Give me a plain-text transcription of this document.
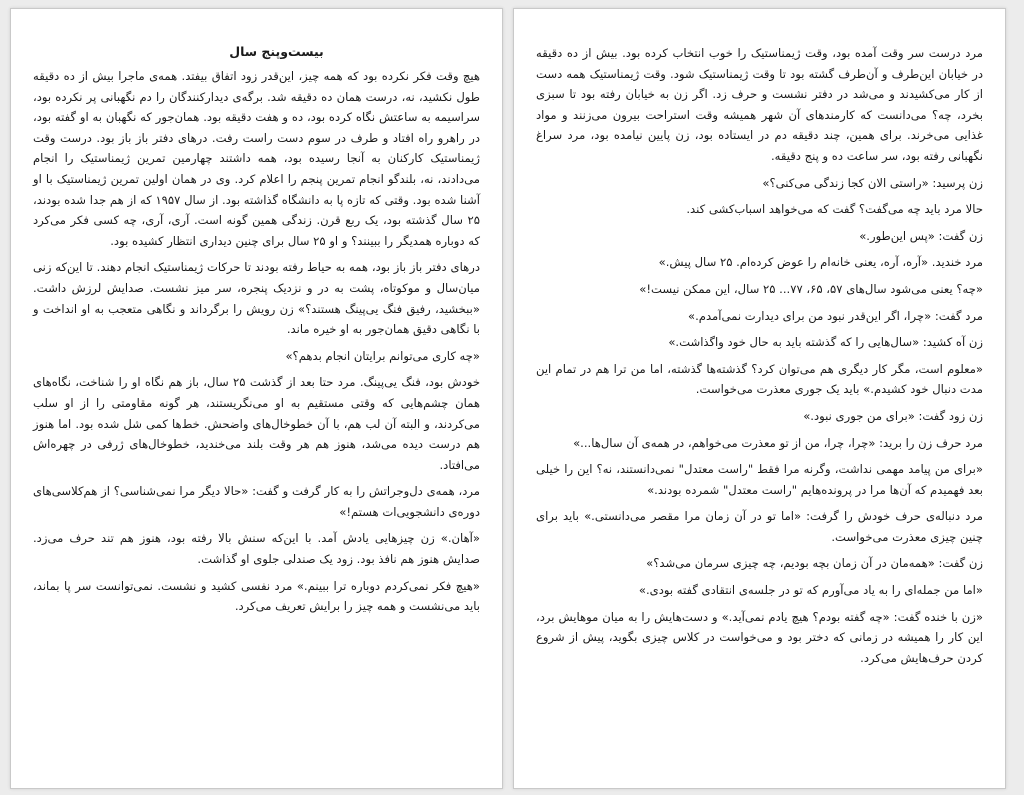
بیست‌وپنج سال

هیچ وقت فکر نکرده بود که همه چیز، این‌قدر زود اتفاق بیفتد. همه‌ی ماجرا بیش از ده دقیقه طول نکشید، نه، درست همان ده دقیقه شد. برگه‌ی دیدارکنندگان را دم نگهبانی پر نکرده بود، سراسیمه به ساعتش نگاه کرده بود، ده و هفت دقیقه بود. همان‌جور که نگهبان به او گفته بود، در راهرو راه افتاد و طرف در سوم دست راست رفت. درهای دفتر باز باز بود. درست وقت ژیمناستیک کارکنان به آنجا رسیده بود، همه داشتند چهارمین تمرین ژیمناستیک را انجام می‌دادند، نه، بلندگو انجام تمرین پنجم را اعلام کرد. وی در همان اولین تمرین ژیمناستیک با او آشنا شده بود. وقتی که تازه پا به دانشگاه گذاشته بود. از سال ۱۹۵۷ که از هم جدا شده بودند، ۲۵ سال گذشته بود، یک ربع قرن. زندگی همین گونه است. آری، آری، چه کسی فکر می‌کرد که دوباره همدیگر را ببینند؟ و او ۲۵ سال برای چنین دیداری انتظار کشیده بود.

درهای دفتر باز باز بود، همه به حیاط رفته بودند تا حرکات ژیمناستیک انجام دهند. تا این‌که زنی میان‌سال و موکوتاه، پشت به در و نزدیک پنجره، سر میز نشست. صدایش لرزش داشت. «ببخشید، رفیق فنگ یی‌پینگ هستند؟» زن رویش را برگرداند و نگاهی متعجب به او انداخت و با نگاهی دقیق همان‌جور به او خیره ماند.

«چه کاری می‌توانم برایتان انجام بدهم؟»

خودش بود، فنگ یی‌پینگ. مرد حتا بعد از گذشت ۲۵ سال، باز هم نگاه او را شناخت، نگاه‌های همان چشم‌هایی که وقتی مستقیم به او می‌نگریستند، هر گونه مقاومتی را از او سلب می‌کردند، و البته آن لب هم، با آن خطوخال‌های واضحش. خط‌ها کمی شل شده بود. اما هنوز هم درست دیده می‌شد، هنوز هم هر وقت بلند می‌خندید، خطوخال‌های ژرفی در چهره‌اش می‌افتاد.

مرد، همه‌ی دل‌وجراتش را به کار گرفت و گفت: «حالا دیگر مرا نمی‌شناسی؟ از هم‌کلاسی‌های دوره‌ی دانشجویی‌ات هستم!»

«آهان.» زن چیزهایی یادش آمد. با این‌که سنش بالا رفته بود، هنوز هم تند حرف می‌زد. صدایش هنوز هم نافذ بود. زود یک صندلی جلوی او گذاشت.

«هیچ فکر نمی‌کردم دوباره ترا ببینم.» مرد نفسی کشید و نشست. نمی‌توانست سر پا بماند، باید می‌نشست و همه چیز را برایش تعریف می‌کرد.

مرد درست سر وقت آمده بود، وقت ژیمناستیک را خوب انتخاب کرده بود. بیش از ده دقیقه در خیابان این‌طرف و آن‌طرف گشته بود تا وقت ژیمناستیک شود. وقت ژیمناستیک همه دست از کار می‌کشیدند و می‌شد در دفتر نشست و حرف زد. اگر زن به خیابان رفته بود تا سبزی بخرد، چه؟ می‌دانست که کارمندهای آن شهر همیشه وقت استراحت بیرون می‌زنند و مواد غذایی می‌خرند. برای همین، چند دقیقه دم در ایستاده بود، زن پایین نیامده بود، مرد سراغ نگهبانی رفته بود، سر ساعت ده و پنج دقیقه.

زن پرسید: «راستی الان کجا زندگی می‌کنی؟»

حالا مرد باید چه می‌گفت؟ گفت که می‌خواهد اسباب‌کشی کند.

زن گفت: «پس این‌طور.»

مرد خندید. «آره، آره، یعنی خانه‌ام را عوض کرده‌ام. ۲۵ سال پیش.»

«چه؟ یعنی می‌شود سال‌های ۵۷، ۶۵، ۷۷... ۲۵ سال، این ممکن نیست!»

مرد گفت: «چرا، اگر این‌قدر نبود من برای دیدارت نمی‌آمدم.»

زن آه کشید: «سال‌هایی را که گذشته باید به حال خود واگذاشت.»

«معلوم است، مگر کار دیگری هم می‌توان کرد؟ گذشته‌ها گذشته، اما من ترا هم در تمام این مدت دنبال خود کشیدم.» باید یک جوری معذرت می‌خواست.

زن زود گفت: «برای من جوری نبود.»

مرد حرف زن را برید: «چرا، چرا، من از تو معذرت می‌خواهم، در همه‌ی آن سال‌ها...»

«برای من پیامد مهمی نداشت، وگرنه مرا فقط "راست معتدل" نمی‌دانستند، نه؟ این را خیلی بعد فهمیدم که آن‌ها مرا در پرونده‌هایم "راست معتدل" شمرده بودند.»

مرد دنباله‌ی حرف خودش را گرفت: «اما تو در آن زمان مرا مقصر می‌دانستی.» باید برای چنین چیزی معذرت می‌خواست.

زن گفت: «همه‌مان در آن زمان بچه بودیم، چه چیزی سرمان می‌شد؟»

«اما من جمله‌ای را به یاد می‌آورم که تو در جلسه‌ی انتقادی گفته بودی.»

«زن با خنده گفت: «چه گفته بودم؟ هیچ یادم نمی‌آید.» و دست‌هایش را به میان موهایش برد، این کار را همیشه در زمانی که دختر بود و می‌خواست در کلاس چیزی بگوید، پیش از شروع کردن حرف‌هایش می‌کرد.
